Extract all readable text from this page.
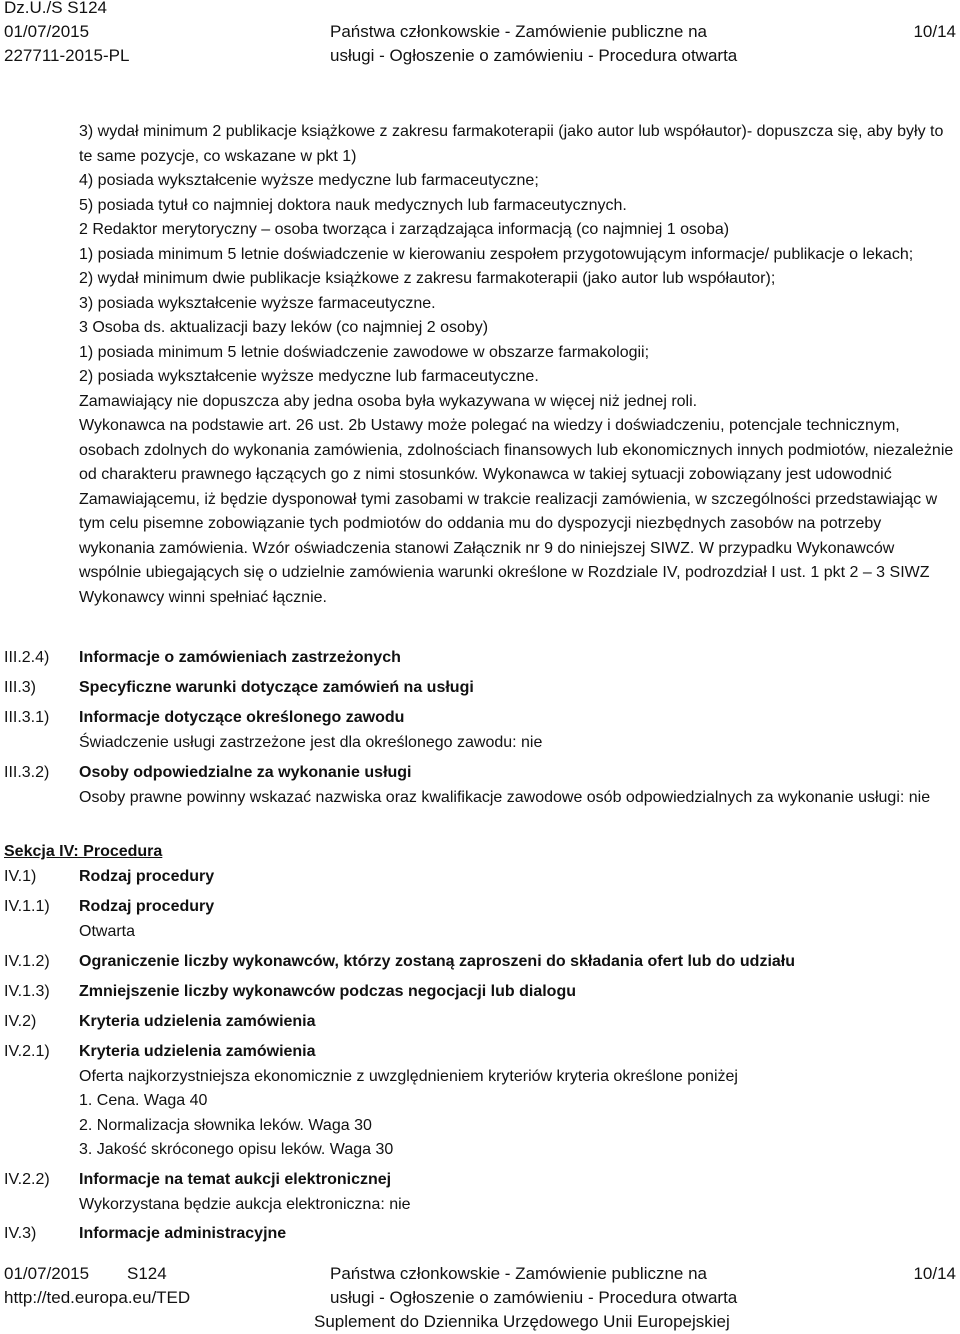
Dz.U./S S124
01/07/2015
227711-2015-PL
Państwa członkowskie - Zamówienie publiczne na
usługi - Ogłoszenie o zamówieniu - Procedura otwarta
10/14
3) wydał minimum 2 publikacje książkowe z zakresu farmakoterapii (jako autor lub współautor)- dopuszcza się, aby były to te same pozycje, co wskazane w pkt 1)
4) posiada wykształcenie wyższe medyczne lub farmaceutyczne;
5) posiada tytuł co najmniej doktora nauk medycznych lub farmaceutycznych.
2 Redaktor merytoryczny – osoba tworząca i zarządzająca informacją (co najmniej 1 osoba)
1) posiada minimum 5 letnie doświadczenie w kierowaniu zespołem przygotowującym informacje/ publikacje o lekach;
2) wydał minimum dwie publikacje książkowe z zakresu farmakoterapii (jako autor lub współautor);
3) posiada wykształcenie wyższe farmaceutyczne.
3 Osoba ds. aktualizacji bazy leków (co najmniej 2 osoby)
1) posiada minimum 5 letnie doświadczenie zawodowe w obszarze farmakologii;
2) posiada wykształcenie wyższe medyczne lub farmaceutyczne.
Zamawiający nie dopuszcza aby jedna osoba była wykazywana w więcej niż jednej roli.
Wykonawca na podstawie art. 26 ust. 2b Ustawy może polegać na wiedzy i doświadczeniu, potencjale technicznym, osobach zdolnych do wykonania zamówienia, zdolnościach finansowych lub ekonomicznych innych podmiotów, niezależnie od charakteru prawnego łączących go z nimi stosunków. Wykonawca w takiej sytuacji zobowiązany jest udowodnić Zamawiającemu, iż będzie dysponował tymi zasobami w trakcie realizacji zamówienia, w szczególności przedstawiając w tym celu pisemne zobowiązanie tych podmiotów do oddania mu do dyspozycji niezbędnych zasobów na potrzeby wykonania zamówienia. Wzór oświadczenia stanowi Załącznik nr 9 do niniejszej SIWZ. W przypadku Wykonawców wspólnie ubiegających się o udzielnie zamówienia warunki określone w Rozdziale IV, podrozdział I ust. 1 pkt 2 – 3 SIWZ Wykonawcy winni spełniać łącznie.
III.2.4) Informacje o zamówieniach zastrzeżonych
III.3)	Specyficzne warunki dotyczące zamówień na usługi
III.3.1) Informacje dotyczące określonego zawodu
Świadczenie usługi zastrzeżone jest dla określonego zawodu: nie
III.3.2) Osoby odpowiedzialne za wykonanie usługi
Osoby prawne powinny wskazać nazwiska oraz kwalifikacje zawodowe osób odpowiedzialnych za wykonanie usługi: nie
Sekcja IV: Procedura
IV.1)	Rodzaj procedury
IV.1.1) Rodzaj procedury
Otwarta
IV.1.2) Ograniczenie liczby wykonawców, którzy zostaną zaproszeni do składania ofert lub do udziału
IV.1.3) Zmniejszenie liczby wykonawców podczas negocjacji lub dialogu
IV.2)	Kryteria udzielenia zamówienia
IV.2.1) Kryteria udzielenia zamówienia
Oferta najkorzystniejsza ekonomicznie z uwzględnieniem kryteriów kryteria określone poniżej
1. Cena. Waga 40
2. Normalizacja słownika leków. Waga 30
3. Jakość skróconego opisu leków. Waga 30
IV.2.2) Informacje na temat aukcji elektronicznej
Wykorzystana będzie aukcja elektroniczna: nie
IV.3)	Informacje administracyjne
01/07/2015 S124
http://ted.europa.eu/TED
Państwa członkowskie - Zamówienie publiczne na
usługi - Ogłoszenie o zamówieniu - Procedura otwarta
Suplement do Dziennika Urzędowego Unii Europejskiej
10/14
